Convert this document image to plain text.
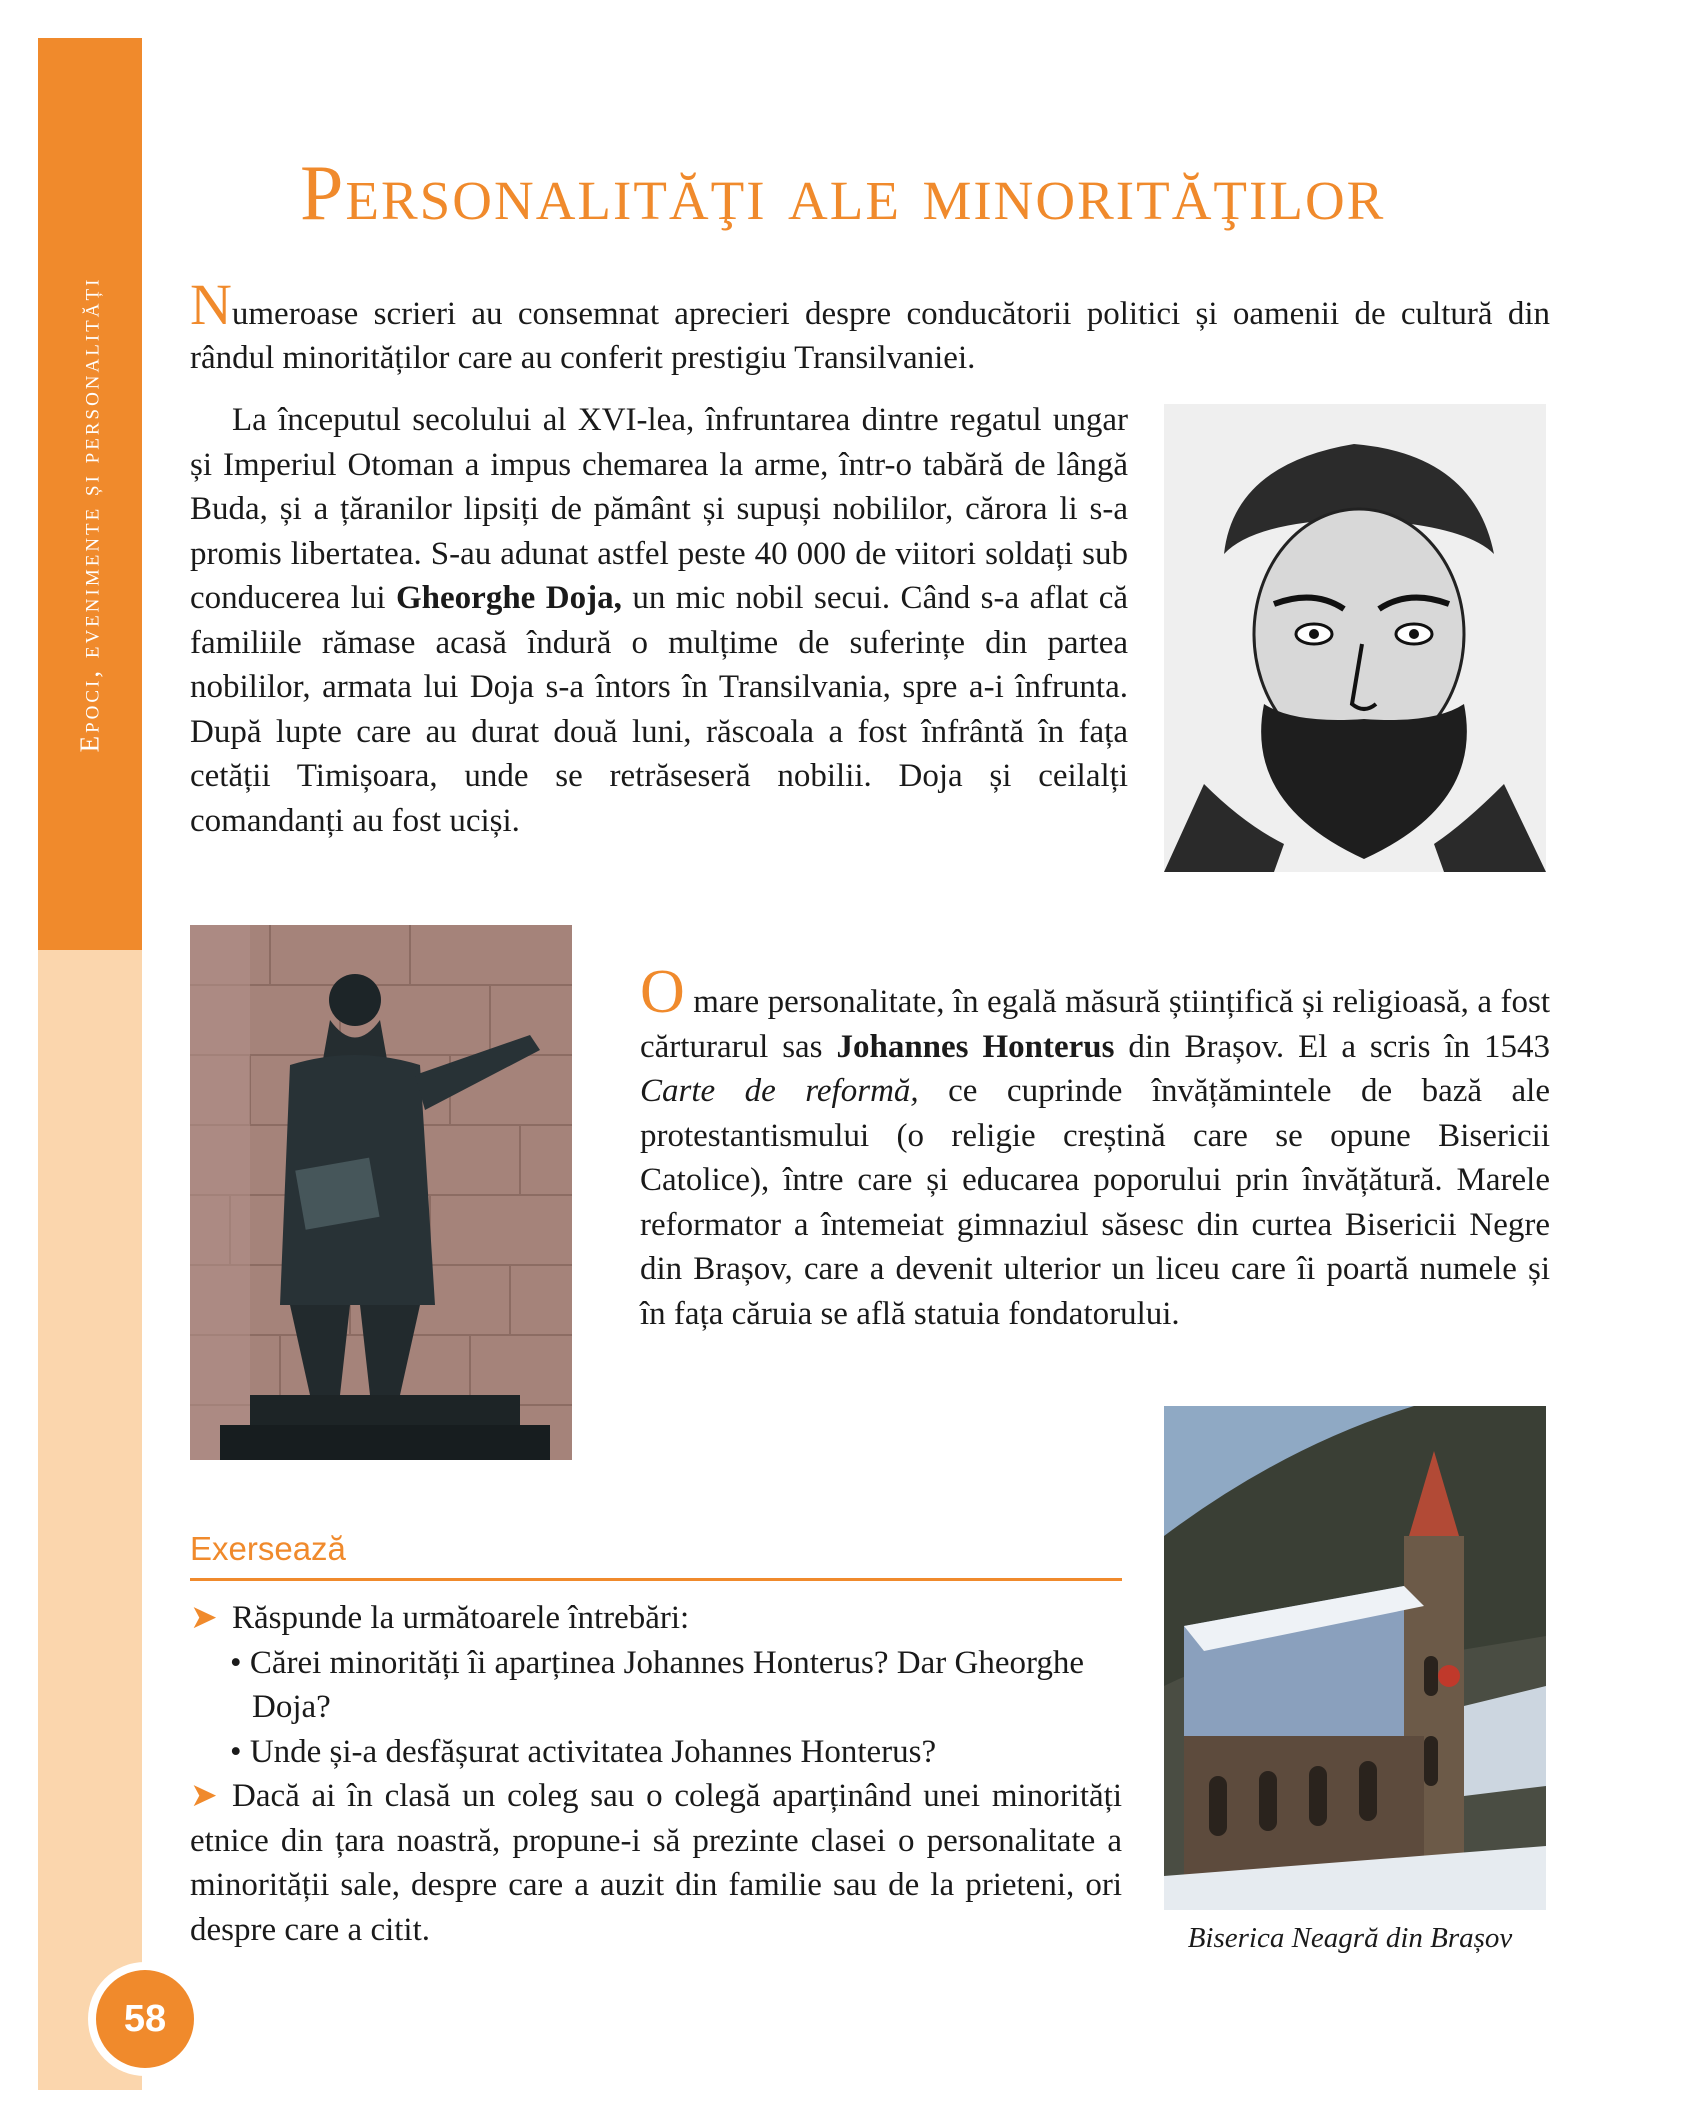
Epoci, evenimente și personalități
58
Personalităţi ale minorităţilor

Numeroase scrieri au consemnat aprecieri despre conducătorii politici și oamenii de cultură din rândul minorităților care au conferit prestigiu Transilvaniei.

La începutul secolului al XVI-lea, înfruntarea dintre regatul ungar și Imperiul Otoman a impus chemarea la arme, într-o tabără de lângă Buda, și a țăranilor lipsiți de pământ și supuși nobililor, cărora li s-a promis libertatea. S-au adunat astfel peste 40 000 de viitori soldați sub conducerea lui Gheorghe Doja, un mic nobil secui. Când s-a aflat că familiile rămase acasă îndură o mulțime de suferințe din partea nobililor, armata lui Doja s-a întors în Transilvania, spre a-i înfrunta. După lupte care au durat două luni, răscoala a fost înfrântă în fața cetății Timișoara, unde se retrăseseră nobilii. Doja și ceilalți comandanți au fost uciși.

O mare personalitate, în egală măsură științifică și religioasă, a fost cărturarul sas Johannes Honterus din Brașov. El a scris în 1543 Carte de reformă, ce cuprinde învățămintele de bază ale protestantismului (o religie creștină care se opune Bisericii Catolice), între care și educarea poporului prin învățătură. Marele reformator a întemeiat gimnaziul săsesc din curtea Bisericii Negre din Brașov, care a devenit ulterior un liceu care îi poartă numele și în fața căruia se află statuia fondatorului.

Exersează

➤ Răspunde la următoarele întrebări:

• Cărei minorități îi aparținea Johannes Honterus? Dar Gheorghe Doja?

• Unde și-a desfășurat activitatea Johannes Honterus?

➤ Dacă ai în clasă un coleg sau o colegă aparținând unei minorități etnice din țara noastră, propune-i să prezinte clasei o personalitate a minorității sale, despre care a auzit din familie sau de la prieteni, ori despre care a citit.	Biserica Neagră din Brașov
